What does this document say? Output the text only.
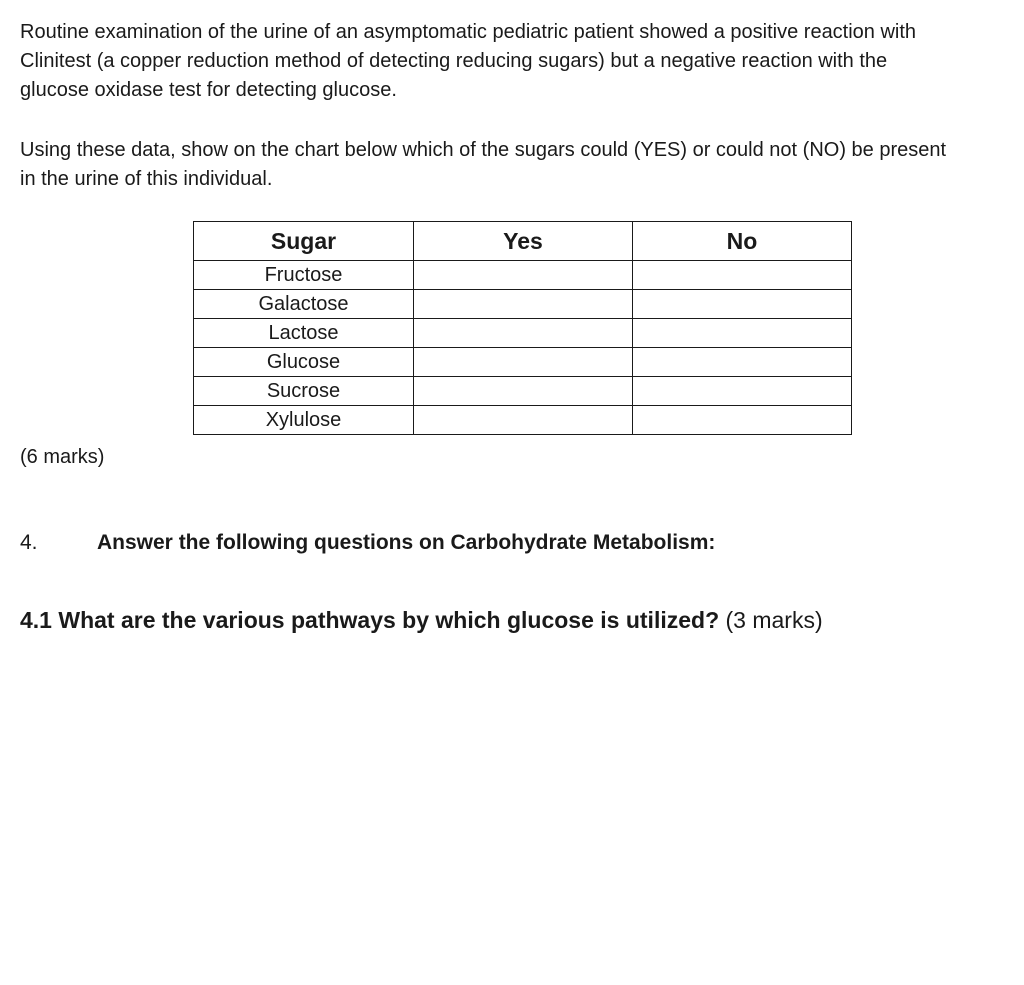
Routine examination of the urine of an asymptomatic pediatric patient showed a positive reaction with
Clinitest (a copper reduction method of detecting reducing sugars) but a negative reaction with the
glucose oxidase test for detecting glucose.

Using these data, show on the chart below which of the sugars could (YES) or could not (NO) be present
in the urine of this individual.

Sugar	Yes	No
Fructose		
Galactose		
Lactose		
Glucose		
Sucrose		
Xylulose		
(6 marks)
4.	Answer the following questions on Carbohydrate Metabolism:
4.1 What are the various pathways by which glucose is utilized? (3 marks)
